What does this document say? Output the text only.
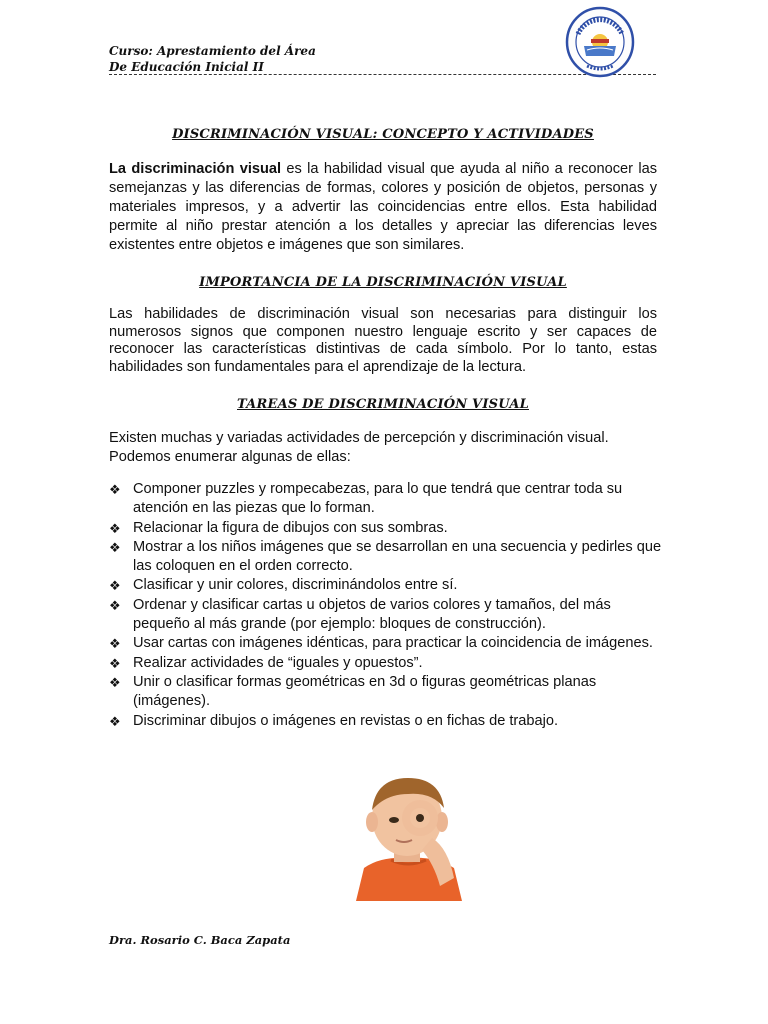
Curso: Aprestamiento del Área
De Educación Inicial II
DISCRIMINACIÓN VISUAL: CONCEPTO Y ACTIVIDADES
La discriminación visual es la habilidad visual que ayuda al niño a reconocer las semejanzas y las diferencias de formas, colores y posición de objetos, personas y materiales impresos, y a advertir las coincidencias entre ellos. Esta habilidad permite al niño prestar atención a los detalles y apreciar las diferencias leves existentes entre objetos e imágenes que son similares.
IMPORTANCIA DE LA DISCRIMINACIÓN VISUAL
Las habilidades de discriminación visual son necesarias para distinguir los numerosos signos que componen nuestro lenguaje escrito y ser capaces de reconocer las características distintivas de cada símbolo. Por lo tanto, estas habilidades son fundamentales para el aprendizaje de la lectura.
TAREAS DE DISCRIMINACIÓN VISUAL
Existen muchas y variadas actividades de percepción y discriminación visual.
Podemos enumerar algunas de ellas:
❖ Componer puzzles y rompecabezas, para lo que tendrá que centrar toda su atención en las piezas que lo forman.
❖ Relacionar la figura de dibujos con sus sombras.
❖ Mostrar a los niños imágenes que se desarrollan en una secuencia y pedirles que las coloquen en el orden correcto.
❖ Clasificar y unir colores, discriminándolos entre sí.
❖ Ordenar y clasificar cartas u objetos de varios colores y tamaños, del más pequeño al más grande (por ejemplo: bloques de construcción).
❖ Usar cartas con imágenes idénticas, para practicar la coincidencia de imágenes.
❖ Realizar actividades de “iguales y opuestos”.
❖ Unir o clasificar formas geométricas en 3d o figuras geométricas planas (imágenes).
❖ Discriminar dibujos o imágenes en revistas o en fichas de trabajo.
Dra. Rosario C. Baca Zapata
